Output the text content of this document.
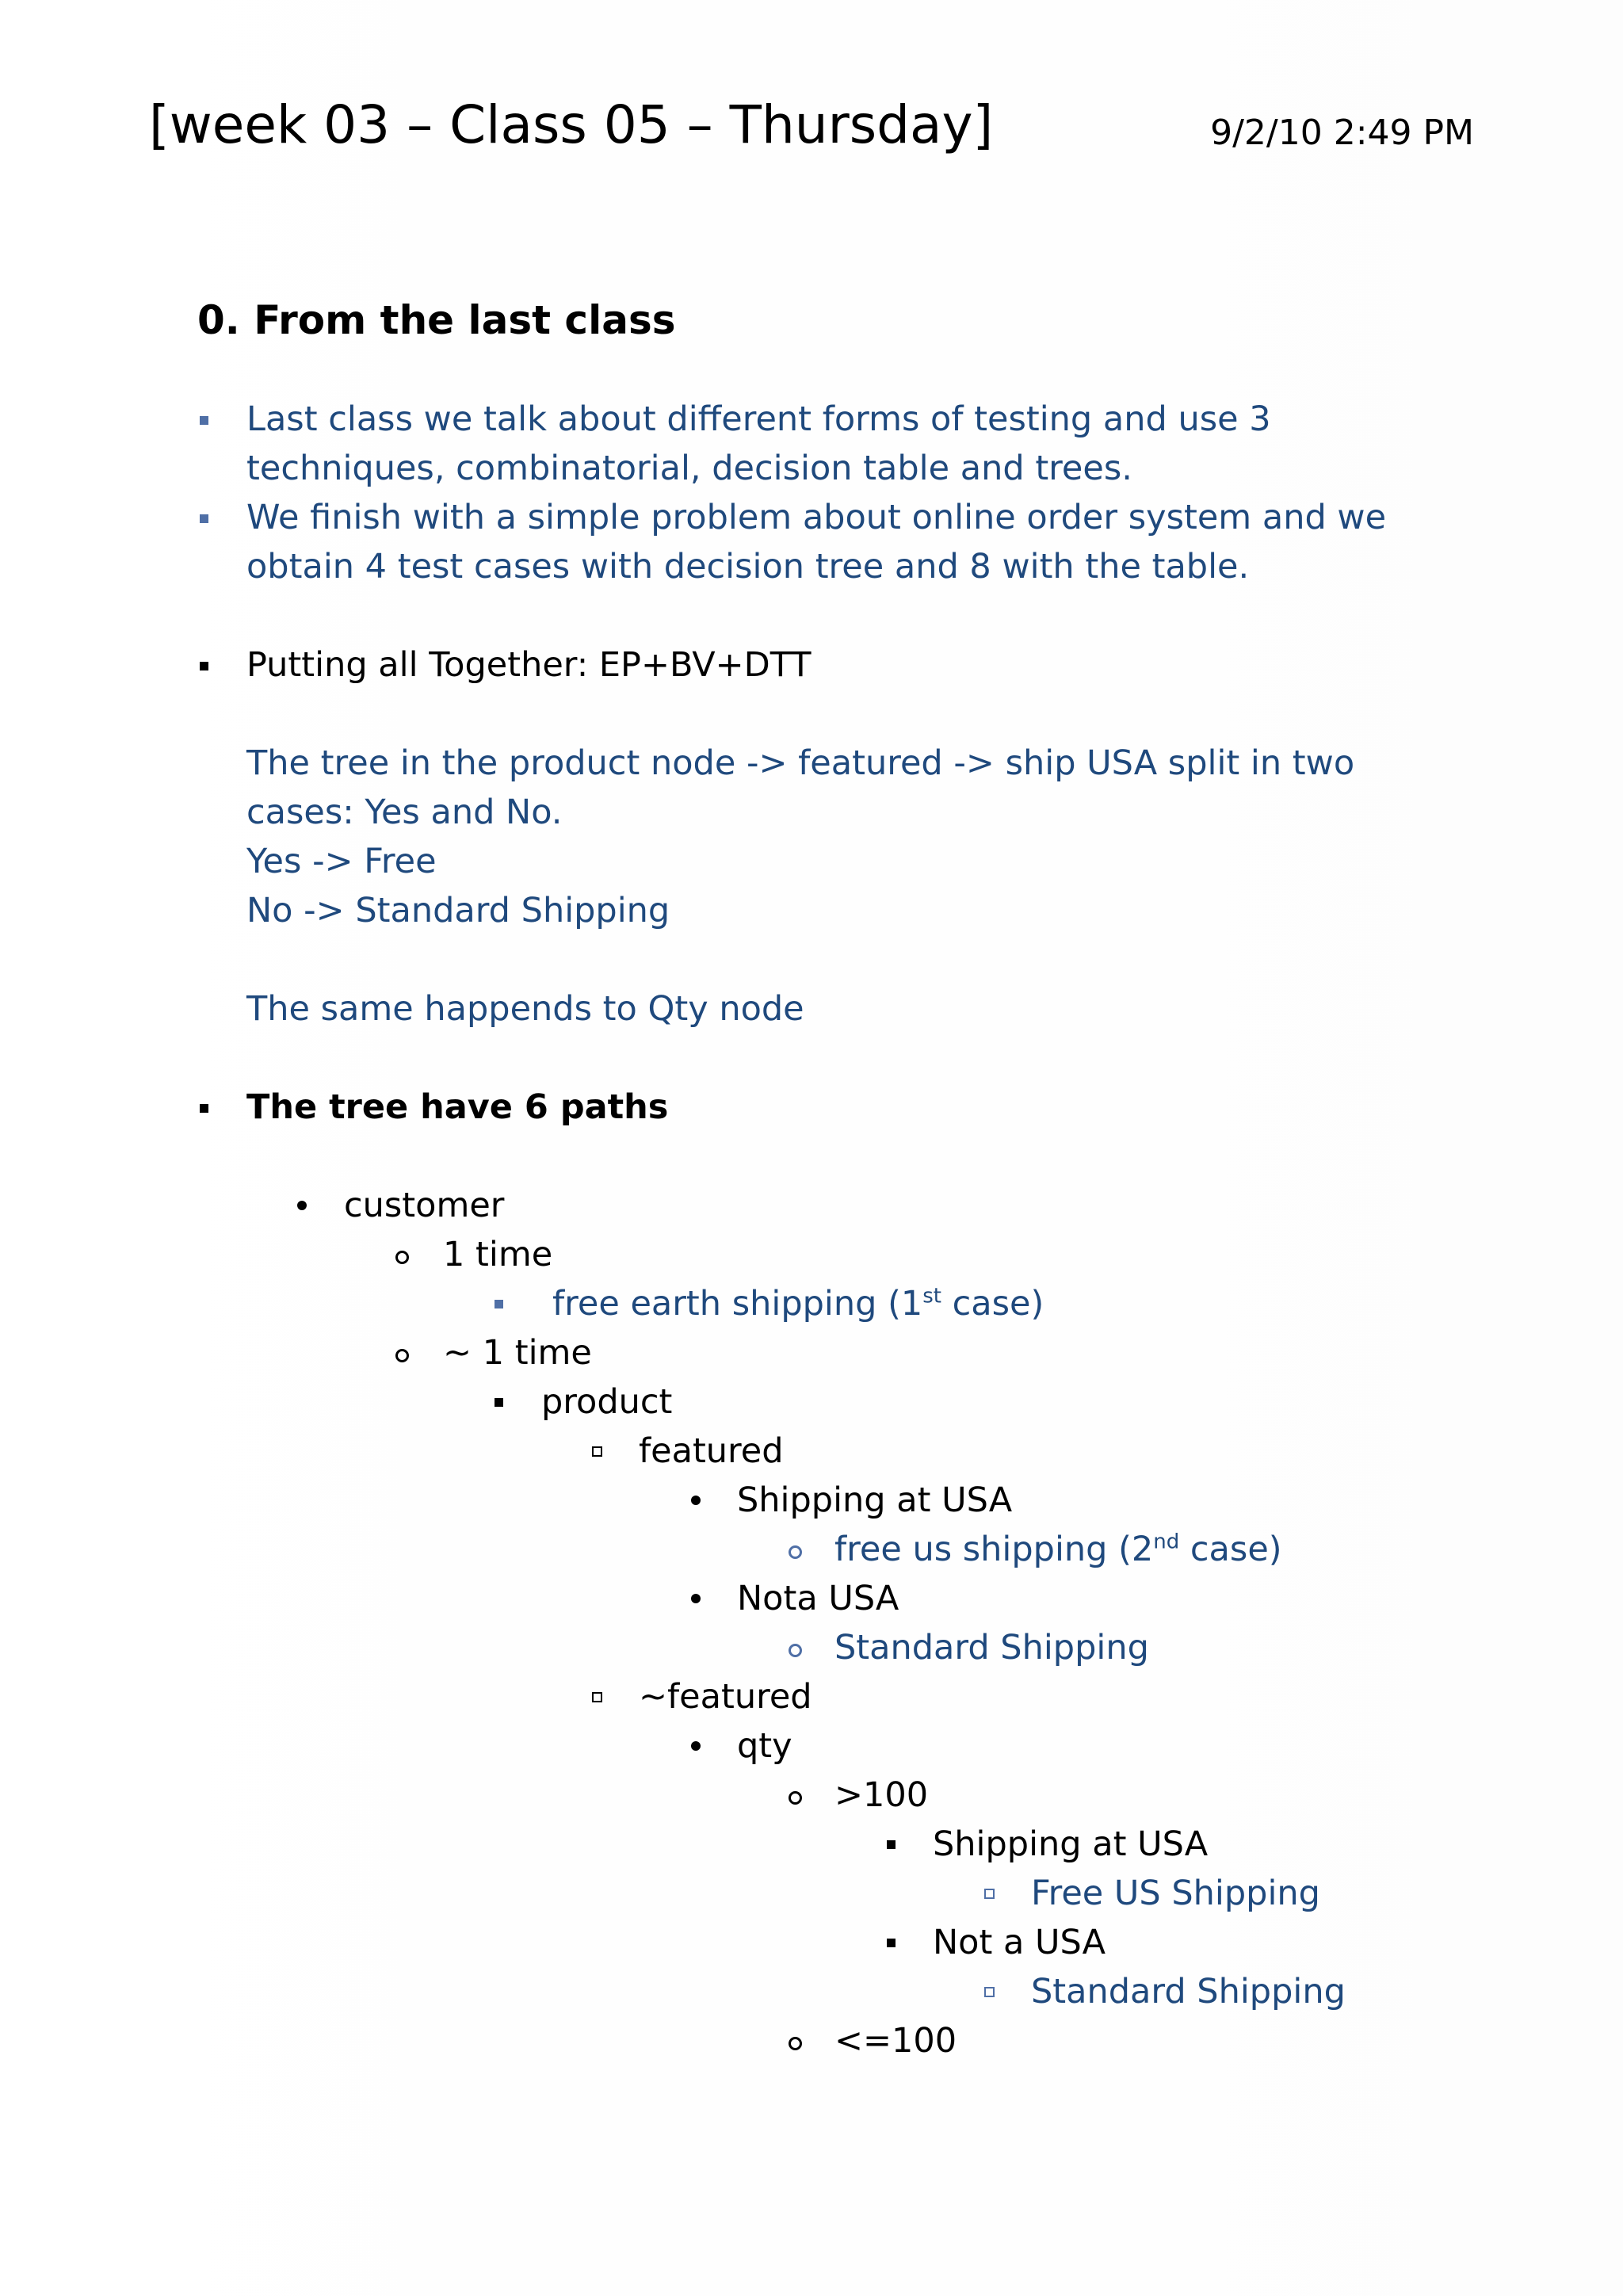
[week 03 – Class 05 – Thursday]	9/2/10 2:49 PM
0. From the last class
Last class we talk about different forms of testing and use 3
techniques, combinatorial, decision table and trees.
We finish with a simple problem about online order system and we
obtain 4 test cases with decision tree and 8 with the table.
Putting all Together: EP+BV+DTT
The tree in the product node -> featured -> ship USA split in two
cases: Yes and No.
Yes -> Free
No -> Standard Shipping
The same happends to Qty node
The tree have 6 paths
customer
1 time
free earth shipping (1st case)
~ 1 time
product
featured
Shipping at USA
free us shipping (2nd case)
Nota USA
Standard Shipping
~featured
qty
>100
Shipping at USA
Free US Shipping
Not a USA
Standard Shipping
<=100
